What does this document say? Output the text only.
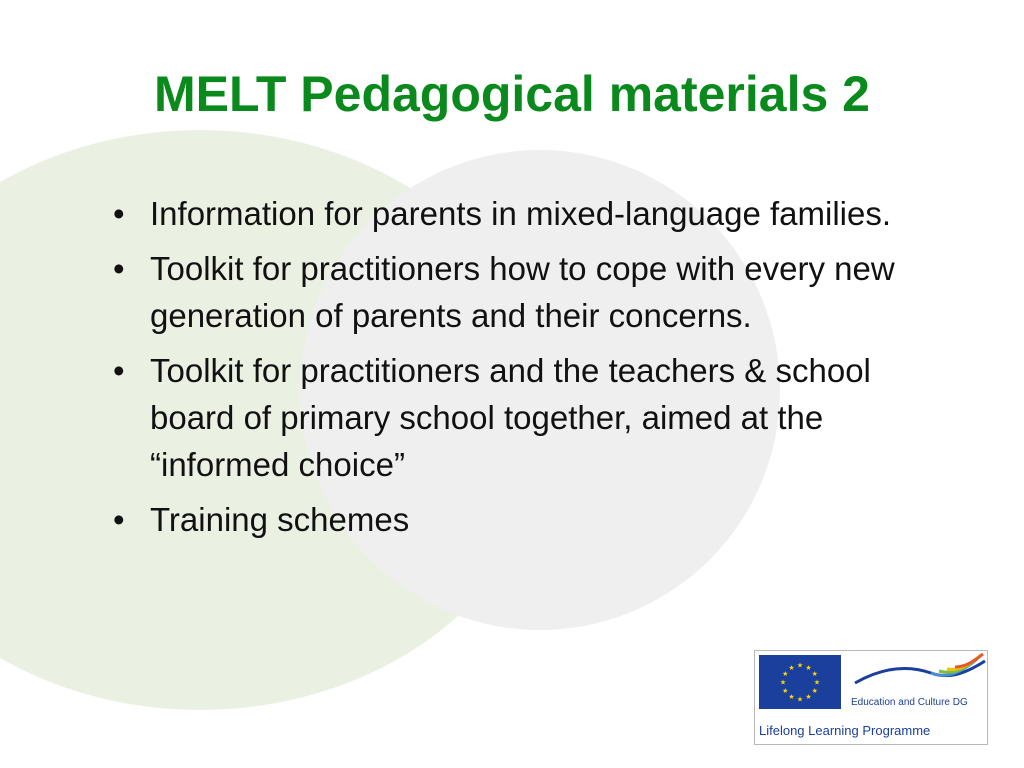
MELT Pedagogical materials 2
• Information for parents in mixed-language families.
• Toolkit for practitioners how to cope with every new generation of parents and their concerns.
• Toolkit for practitioners and the teachers & school board of primary school together, aimed at the “informed choice”
• Training schemes
★
★
★
★
★
★
★
★
★ ★ ★
★
Education and Culture DG
Lifelong Learning Programme
